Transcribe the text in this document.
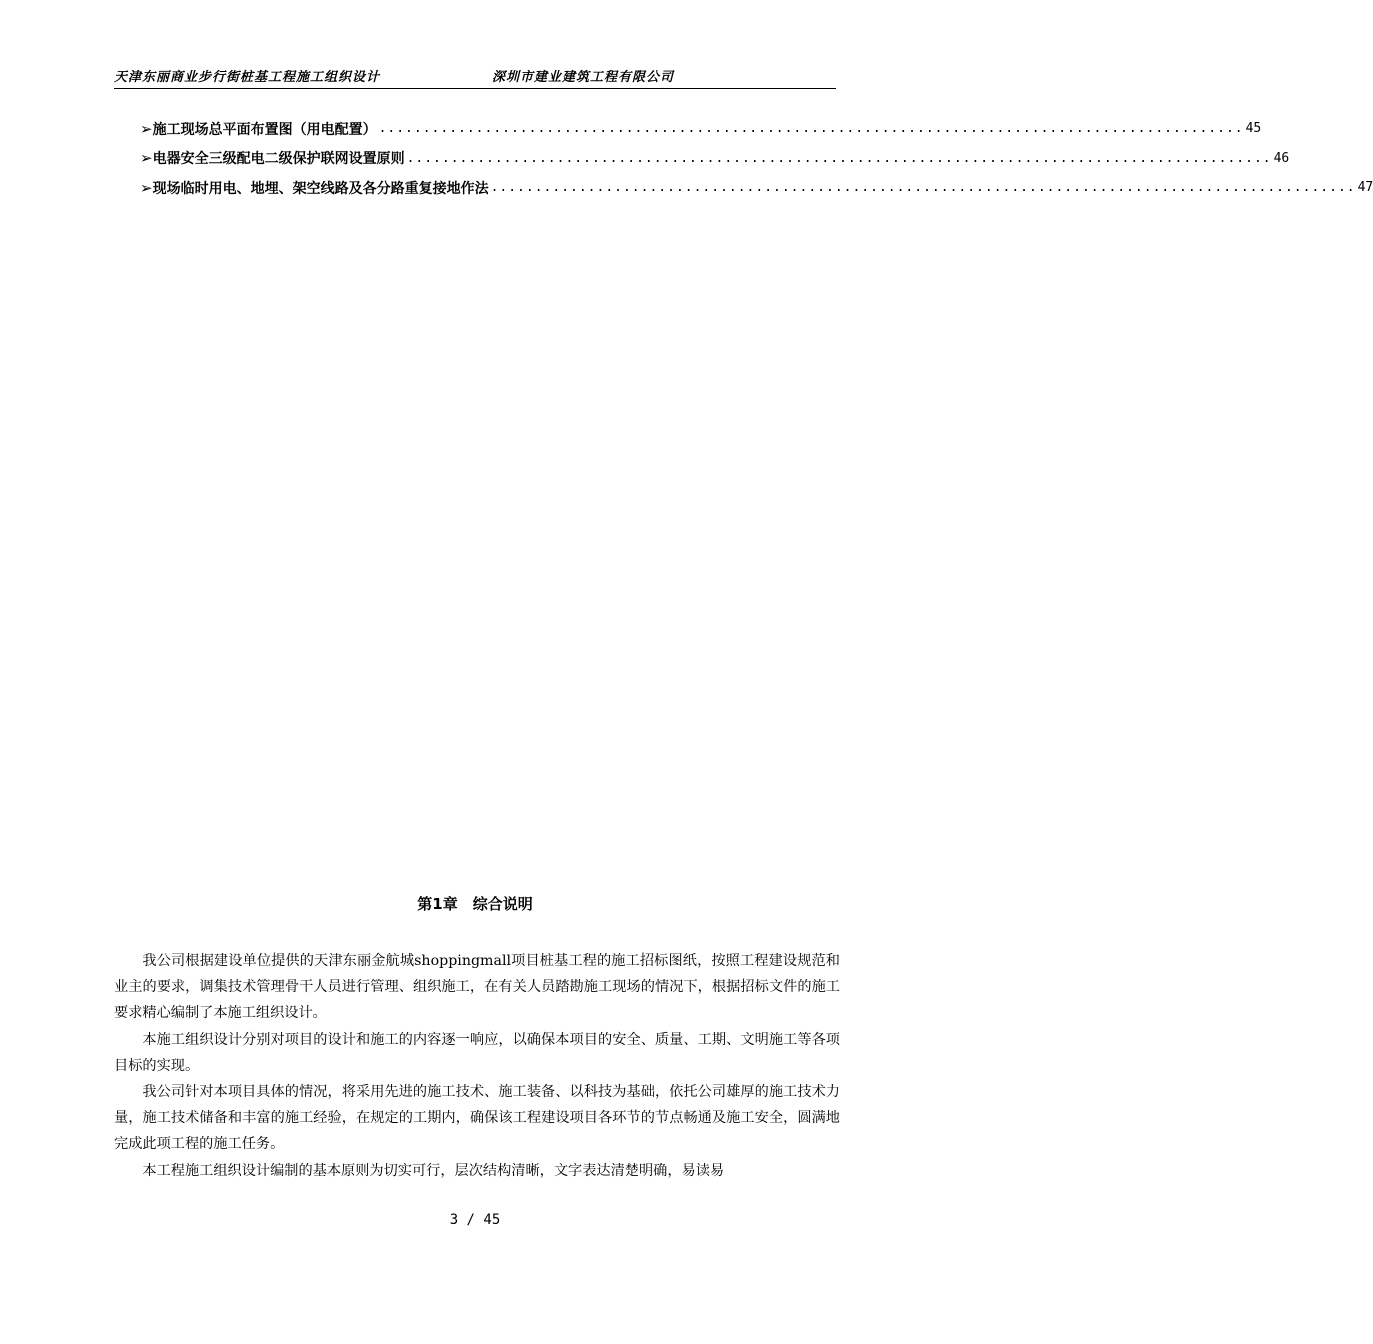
天津东丽商业步行街桩基工程施工组织设计	深圳市建业建筑工程有限公司
➢ 施工现场总平面布置图（用电配置） .................................................................................................. 45
➢ 电器安全三级配电二级保护联网设置原则 .................................................................................................. 46
➢ 现场临时用电、地埋、架空线路及各分路重复接地作法 .................................................................................................. 47
第1章　综合说明

我公司根据建设单位提供的天津东丽金航城shoppingmall项目桩基工程的施工招标图纸，按照工程建设规范和业主的要求，调集技术管理骨干人员进行管理、组织施工，在有关人员踏勘施工现场的情况下，根据招标文件的施工要求精心编制了本施工组织设计。

本施工组织设计分别对项目的设计和施工的内容逐一响应，以确保本项目的安全、质量、工期、文明施工等各项目标的实现。

我公司针对本项目具体的情况，将采用先进的施工技术、施工装备、以科技为基础，依托公司雄厚的施工技术力量，施工技术储备和丰富的施工经验，在规定的工期内，确保该工程建设项目各环节的节点畅通及施工安全，圆满地完成此项工程的施工任务。

本工程施工组织设计编制的基本原则为切实可行，层次结构清晰，文字表达清楚明确，易读易

3 / 45
